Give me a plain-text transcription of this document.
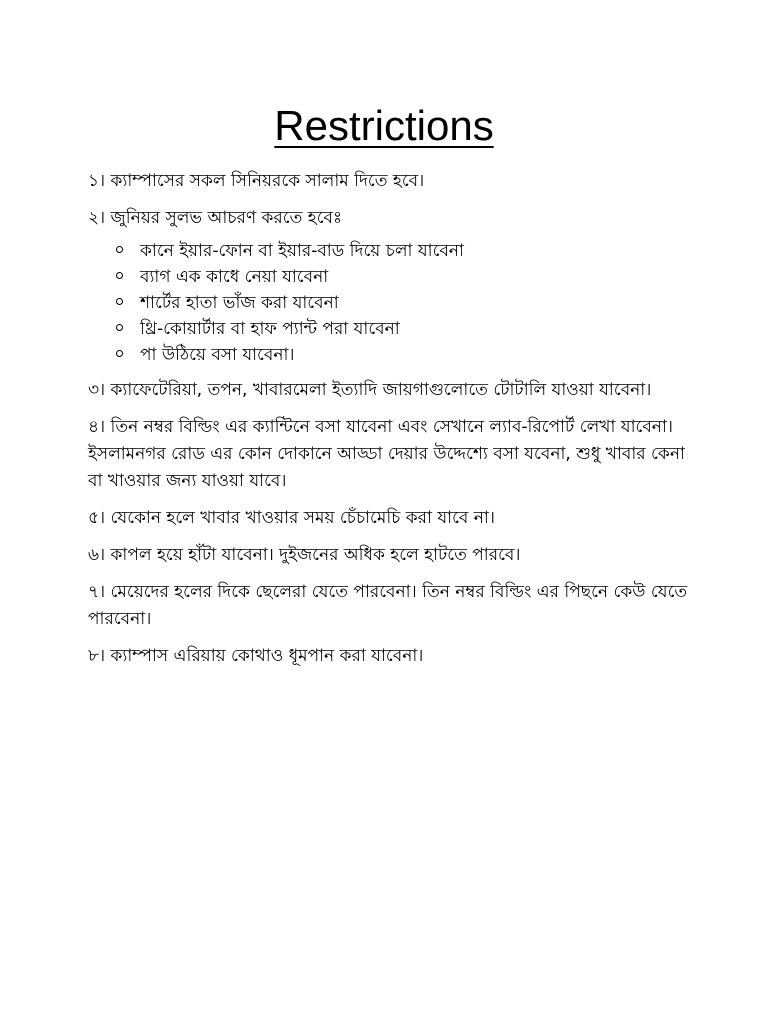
Restrictions

১। ক্যাম্পাসের সকল সিনিয়রকে সালাম দিতে হবে।

২। জুনিয়র সুলভ আচরণ করতে হবেঃ

কানে ইয়ার-ফোন বা ইয়ার-বাড দিয়ে চলা যাবেনা
ব্যাগ এক কাধে নেয়া যাবেনা
শার্টের হাতা ভাঁজ করা যাবেনা
থ্রি-কোয়ার্টার বা হাফ প্যান্ট পরা যাবেনা
পা উঠিয়ে বসা যাবেনা।

৩। ক্যাফেটেরিয়া, তপন, খাবারমেলা ইত্যাদি জায়গাগুলোতে টোটালি যাওয়া যাবেনা।

৪। তিন নম্বর বিল্ডিং এর ক্যান্টিনে বসা যাবেনা এবং সেখানে ল্যাব-রিপোর্ট লেখা যাবেনা। ইসলামনগর রোড এর কোন দোকানে আড্ডা দেয়ার উদ্দেশ্যে বসা যবেনা, শুধু খাবার কেনা বা খাওয়ার জন্য যাওয়া যাবে।

৫। যেকোন হলে খাবার খাওয়ার সময় চেঁচামেচি করা যাবে না।

৬। কাপল হয়ে হাঁটা যাবেনা। দুইজনের অধিক হলে হাটতে পারবে।

৭। মেয়েদের হলের দিকে ছেলেরা যেতে পারবেনা। তিন নম্বর বিল্ডিং এর পিছনে কেউ যেতে পারবেনা।

৮। ক্যাম্পাস এরিয়ায় কোথাও ধূমপান করা যাবেনা।
